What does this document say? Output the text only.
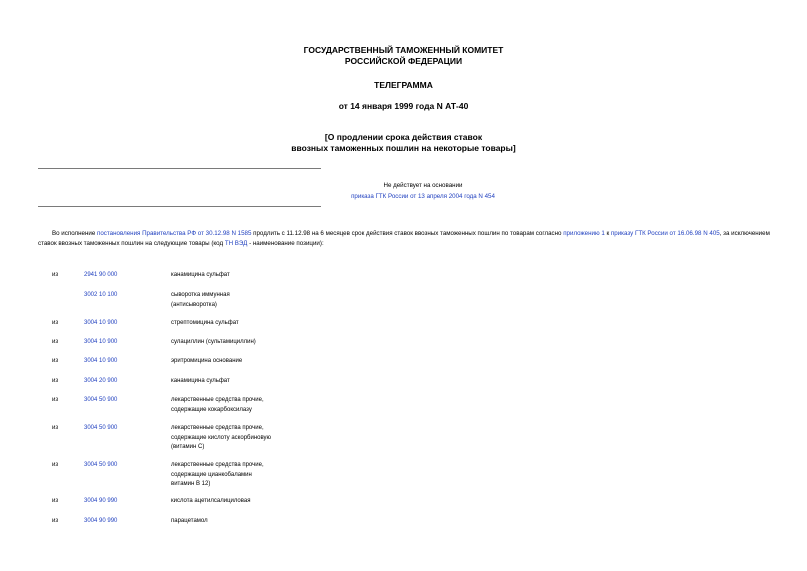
ГОСУДАРСТВЕННЫЙ ТАМОЖЕННЫЙ КОМИТЕТ
РОССИЙСКОЙ ФЕДЕРАЦИИ
ТЕЛЕГРАММА
от 14 января 1999 года N АТ-40
[О продлении срока действия ставок
ввозных таможенных пошлин на некоторые товары]
Не действует на основании
приказа ГТК России от 13 апреля 2004 года N 454
Во исполнение постановления Правительства РФ от 30.12.98 N 1585 продлить с 11.12.98 на 6 месяцев срок действия ставок ввозных таможенных пошлин по товарам согласно приложению 1 к приказу ГТК России от 16.06.98 N 405, за исключением ставок ввозных таможенных пошлин на следующие товары (код ТН ВЭД - наименование позиции):
из	2941 90 000	канамицина сульфат
3002 10 100	сыворотка иммунная
(антисыворотка)
из	3004 10 900	стрептомицина сульфат
из	3004 10 900	сулациллин (сультамициллин)
из	3004 10 900	эритромицина основание
из	3004 20 900	канамицина сульфат
из	3004 50 900	лекарственные средства прочие,
содержащие кокарбоксилазу
из	3004 50 900	лекарственные средства прочие,
содержащие кислоту аскорбиновую
(витамин С)
из	3004 50 900	лекарственные средства прочие,
содержащие цианкобаламин
витамин В 12)
из	3004 90 990	кислота ацетилсалициловая
из	3004 90 990	парацетамол
